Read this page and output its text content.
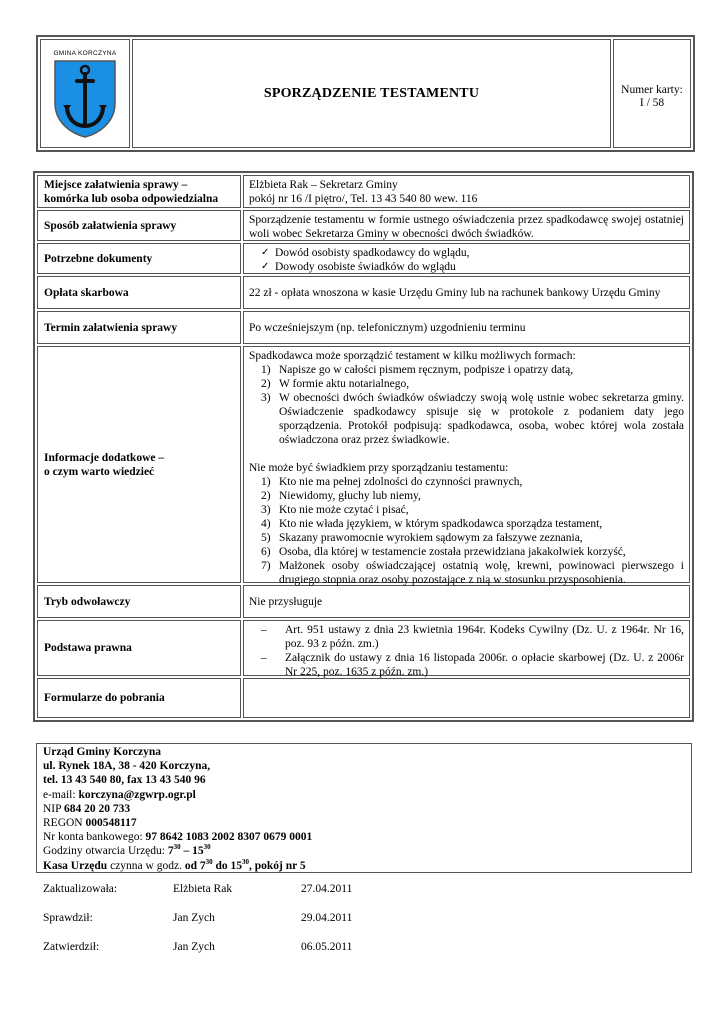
GMINA KORCZYNA
SPORZĄDZENIE TESTAMENTU	Numer karty:
I / 58
Miejsce załatwienia sprawy –
komórka lub osoba odpowiedzialna
Elżbieta Rak – Sekretarz Gminy
pokój nr 16 /I piętro/, Tel. 13 43 540 80 wew. 116
Sposób załatwienia sprawy	Sporządzenie testamentu w formie ustnego oświadczenia przez spadkodawcę swojej ostatniej woli wobec Sekretarza Gminy w obecności dwóch świadków.
Potrzebne dokumenty
✓	Dowód osobisty spadkodawcy do wglądu,
✓ Dowody osobiste świadków do wglądu
Opłata skarbowa	22 zł - opłata wnoszona w kasie Urzędu Gminy lub na rachunek bankowy Urzędu Gminy
Termin załatwienia sprawy	Po wcześniejszym (np. telefonicznym) uzgodnieniu terminu
Informacje dodatkowe –
o czym warto wiedzieć
Spadkodawca może sporządzić testament w kilku możliwych formach:
1) Napisze go w całości pismem ręcznym, podpisze i opatrzy datą,
2) W formie aktu notarialnego,
3) W obecności dwóch świadków oświadczy swoją wolę ustnie wobec sekretarza gminy. Oświadczenie spadkodawcy spisuje się w protokole z podaniem daty jego sporządzenia. Protokół podpisują: spadkodawca, osoba, wobec której wola została oświadczona oraz przez świadkowie.
Nie może być świadkiem przy sporządzaniu testamentu:
1) Kto nie ma pełnej zdolności do czynności prawnych,
2) Niewidomy, głuchy lub niemy,
3) Kto nie może czytać i pisać,
4) Kto nie włada językiem, w którym spadkodawca sporządza testament,
5) Skazany prawomocnie wyrokiem sądowym za fałszywe zeznania,
6) Osoba, dla której w testamencie została przewidziana jakakolwiek korzyść,
7) Małżonek osoby oświadczającej ostatnią wolę, krewni, powinowaci pierwszego i drugiego stopnia oraz osoby pozostające z nią w stosunku przysposobienia.
Tryb odwoławczy	Nie przysługuje
Podstawa prawna
– Art. 951 ustawy z dnia 23 kwietnia 1964r. Kodeks Cywilny (Dz. U. z 1964r. Nr 16, poz. 93 z późn. zm.)
– Załącznik do ustawy z dnia 16 listopada 2006r. o opłacie skarbowej (Dz. U. z 2006r Nr 225, poz. 1635 z późn. zm.)
Formularze do pobrania
Urząd Gminy Korczyna
ul. Rynek 18A, 38 - 420 Korczyna,
tel. 13 43 540 80, fax 13 43 540 96
e-mail: korczyna@zgwrp.ogr.pl
NIP 684 20 20 733
REGON 000548117
Nr konta bankowego: 97 8642 1083 2002 8307 0679 0001
Godziny otwarcia Urzędu: $7^{30} - 15^{30}$
Kasa Urzędu czynna w godz. od $7^{30}$ do $15^{30}$, pokój nr 5
Zaktualizowała:	Elżbieta Rak	27.04.2011
Sprawdził:	Jan Zych	29.04.2011
Zatwierdził:	Jan Zych	06.05.2011
